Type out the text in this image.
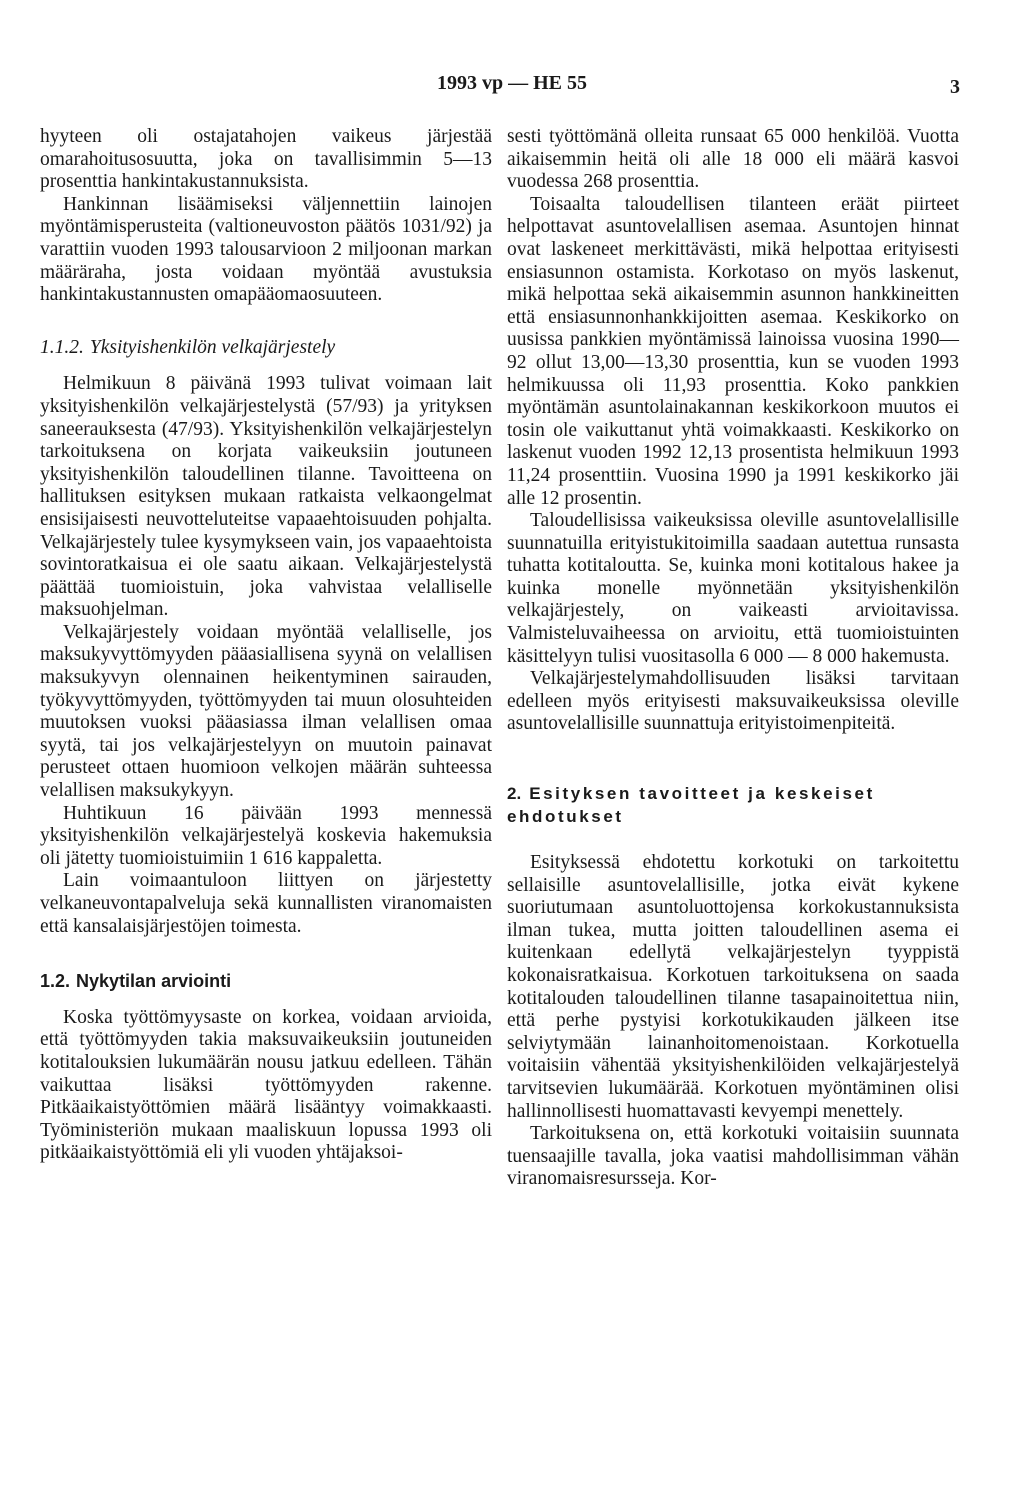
1993 vp — HE 55	3

hyyteen oli ostajatahojen vaikeus järjestää omarahoitusosuutta, joka on tavallisimmin 5—13 prosenttia hankintakustannuksista.

Hankinnan lisäämiseksi väljennettiin lainojen myöntämisperusteita (valtioneuvoston päätös 1031/92) ja varattiin vuoden 1993 talousarvioon 2 miljoonan markan määräraha, josta voidaan myöntää avustuksia hankintakustannusten omapääomaosuuteen.

1.1.2. Yksityishenkilön velkajärjestely

Helmikuun 8 päivänä 1993 tulivat voimaan lait yksityishenkilön velkajärjestelystä (57/93) ja yrityksen saneerauksesta (47/93). Yksityishenkilön velkajärjestelyn tarkoituksena on korjata vaikeuksiin joutuneen yksityishenkilön taloudellinen tilanne. Tavoitteena on hallituksen esityksen mukaan ratkaista velkaongelmat ensisijaisesti neuvotteluteitse vapaaehtoisuuden pohjalta. Velkajärjestely tulee kysymykseen vain, jos vapaaehtoista sovintoratkaisua ei ole saatu aikaan. Velkajärjestelystä päättää tuomioistuin, joka vahvistaa velalliselle maksuohjelman.

Velkajärjestely voidaan myöntää velalliselle, jos maksukyvyttömyyden pääasiallisena syynä on velallisen maksukyvyn olennainen heikentyminen sairauden, työkyvyttömyyden, työttömyyden tai muun olosuhteiden muutoksen vuoksi pääasiassa ilman velallisen omaa syytä, tai jos velkajärjestelyyn on muutoin painavat perusteet ottaen huomioon velkojen määrän suhteessa velallisen maksukykyyn.

Huhtikuun 16 päivään 1993 mennessä yksityishenkilön velkajärjestelyä koskevia hakemuksia oli jätetty tuomioistuimiin 1 616 kappaletta.

Lain voimaantuloon liittyen on järjestetty velkaneuvontapalveluja sekä kunnallisten viranomaisten että kansalaisjärjestöjen toimesta.

1.2. Nykytilan arviointi

Koska työttömyysaste on korkea, voidaan arvioida, että työttömyyden takia maksuvaikeuksiin joutuneiden kotitalouksien lukumäärän nousu jatkuu edelleen. Tähän vaikuttaa lisäksi työttömyyden rakenne. Pitkäaikaistyöttömien määrä lisääntyy voimakkaasti. Työministeriön mukaan maaliskuun lopussa 1993 oli pitkäaikaistyöttömiä eli yli vuoden yhtäjaksoi-

sesti työttömänä olleita runsaat 65 000 henkilöä. Vuotta aikaisemmin heitä oli alle 18 000 eli määrä kasvoi vuodessa 268 prosenttia.

Toisaalta taloudellisen tilanteen eräät piirteet helpottavat asuntovelallisen asemaa. Asuntojen hinnat ovat laskeneet merkittävästi, mikä helpottaa erityisesti ensiasunnon ostamista. Korkotaso on myös laskenut, mikä helpottaa sekä aikaisemmin asunnon hankkineitten että ensiasunnonhankkijoitten asemaa. Keskikorko on uusissa pankkien myöntämissä lainoissa vuosina 1990—92 ollut 13,00—13,30 prosenttia, kun se vuoden 1993 helmikuussa oli 11,93 prosenttia. Koko pankkien myöntämän asuntolainakannan keskikorkoon muutos ei tosin ole vaikuttanut yhtä voimakkaasti. Keskikorko on laskenut vuoden 1992 12,13 prosentista helmikuun 1993 11,24 prosenttiin. Vuosina 1990 ja 1991 keskikorko jäi alle 12 prosentin.

Taloudellisissa vaikeuksissa oleville asuntovelallisille suunnatuilla erityistukitoimilla saadaan autettua runsasta tuhatta kotitaloutta. Se, kuinka moni kotitalous hakee ja kuinka monelle myönnetään yksityishenkilön velkajärjestely, on vaikeasti arvioitavissa. Valmisteluvaiheessa on arvioitu, että tuomioistuinten käsittelyyn tulisi vuositasolla 6 000 — 8 000 hakemusta.

Velkajärjestelymahdollisuuden lisäksi tarvitaan edelleen myös erityisesti maksuvaikeuksissa oleville asuntovelallisille suunnattuja erityistoimenpiteitä.

2. Esityksen tavoitteet ja keskeiset ehdotukset

Esityksessä ehdotettu korkotuki on tarkoitettu sellaisille asuntovelallisille, jotka eivät kykene suoriutumaan asuntoluottojensa korkokustannuksista ilman tukea, mutta joitten taloudellinen asema ei kuitenkaan edellytä velkajärjestelyn tyyppistä kokonaisratkaisua. Korkotuen tarkoituksena on saada kotitalouden taloudellinen tilanne tasapainoitettua niin, että perhe pystyisi korkotukikauden jälkeen itse selviytymään lainanhoitomenoistaan. Korkotuella voitaisiin vähentää yksityishenkilöiden velkajärjestelyä tarvitsevien lukumäärää. Korkotuen myöntäminen olisi hallinnollisesti huomattavasti kevyempi menettely.

Tarkoituksena on, että korkotuki voitaisiin suunnata tuensaajille tavalla, joka vaatisi mahdollisimman vähän viranomaisresursseja. Kor-
